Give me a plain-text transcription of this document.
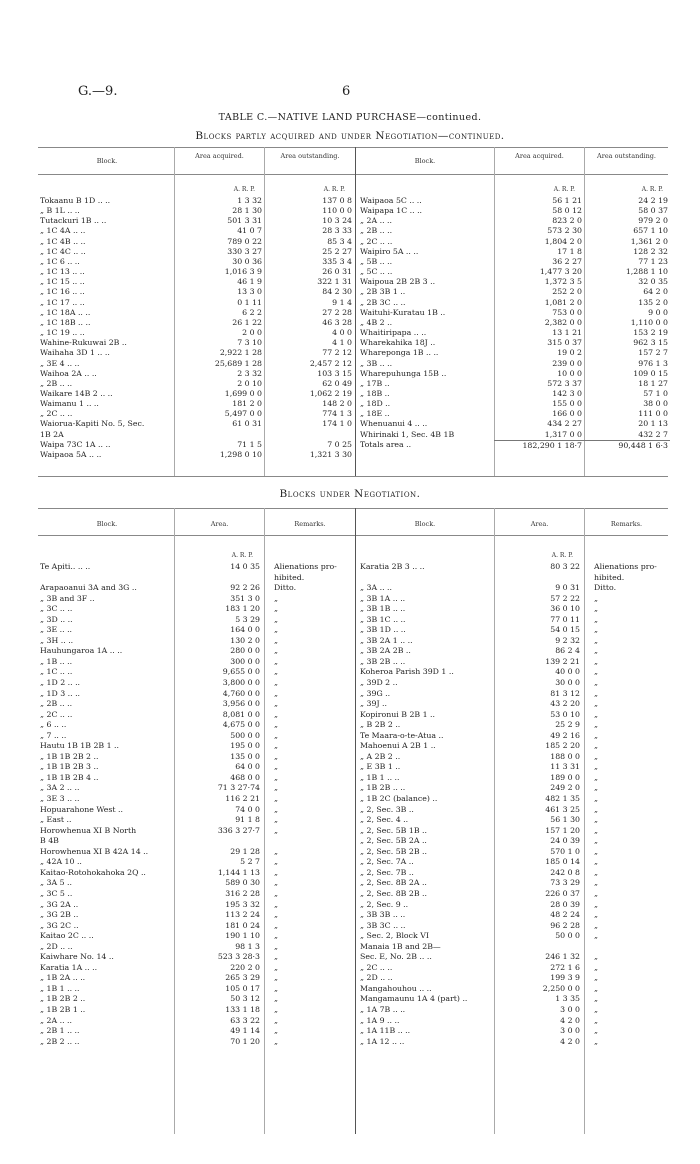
G.—9.	6
TABLE C.—NATIVE LAND PURCHASE—continued.
Blocks partly acquired and under Negotiation—continued.
Block.
Area acquired.	Area outstanding.
Block.
Area acquired.	Area outstanding.
A. R. P.	A. R. P.	A. R. P.	A. R. P.
Tokaanu B 1D .. ..	1 3 32	137 0 8
„ B 1L .. ..	28 1 30	110 0 0
Tutackuri 1B .. ..	501 3 31	10 3 24
„ 1C 4A .. ..	41 0 7	28 3 33
„ 1C 4B .. ..	789 0 22	85 3 4
„ 1C 4C .. ..	330 3 27	25 2 27
„ 1C 6 .. ..	30 0 36	335 3 4
„ 1C 13 .. ..	1,016 3 9	26 0 31
„ 1C 15 .. ..	46 1 9	322 1 31
„ 1C 16 .. ..	13 3 0	84 2 30
„ 1C 17 .. ..	0 1 11	9 1 4
„ 1C 18A .. ..	6 2 2	27 2 28
„ 1C 18B .. ..	26 1 22	46 3 28
„ 1C 19 .. ..	2 0 0	4 0 0
Wahine-Rukuwai 2B ..	7 3 10	4 1 0
Waihaha 3D 1 .. ..	2,922 1 28	77 2 12
„ 3E 4 .. ..	25,689 1 28	2,457 2 12
Waihoa 2A .. ..	2 3 32	103 3 15
„ 2B .. ..	2 0 10	62 0 49
Waikare 14B 2 .. ..	1,699 0 0	1,062 2 19
Waimanu 1 .. ..	181 2 0	148 2 0
„ 2C .. ..	5,497 0 0	774 1 3
Waiorua-Kapiti No. 5, Sec.	61 0 31	174 1 0
1B 2A		
Waipa 73C 1A .. ..	71 1 5	7 0 25
Waipaoa 5A .. ..	1,298 0 10	1,321 3 30
Waipaoa 5C .. ..	56 1 21	24 2 19
Waipapa 1C .. ..	58 0 12	58 0 37
„ 2A .. ..	823 2 0	979 2 0
„ 2B .. ..	573 2 30	657 1 10
„ 2C .. ..	1,804 2 0	1,361 2 0
Waipiro 5A .. ..	17 1 8	128 2 32
„ 5B .. ..	36 2 27	77 1 23
„ 5C .. ..	1,477 3 20	1,288 1 10
Waipoua 2B 2B 3 ..	1,372 3 5	32 0 35
„ 2B 3B 1 ..	252 2 0	64 2 0
„ 2B 3C .. ..	1,081 2 0	135 2 0
Waituhi-Kuratau 1B ..	753 0 0	9 0 0
„ 4B 2 ..	2,382 0 0	1,110 0 0
Whaitiripapa .. ..	13 1 21	153 2 19
Wharekahika 18J ..	315 0 37	962 3 15
Whareponga 1B .. ..	19 0 2	157 2 7
„ 3B .. ..	239 0 0	976 1 3
Wharepuhunga 15B ..	10 0 0	109 0 15
„ 17B ..	572 3 37	18 1 27
„ 18B ..	142 3 0	57 1 0
„ 18D ..	155 0 0	38 0 0
„ 18E ..	166 0 0	111 0 0
Whenuanui 4 .. ..	434 2 27	20 1 13
Whirinaki 1, Sec. 4B 1B	1,317 0 0	432 2 7

Totals area ..	182,290 1 18·7	90,448 1 6·3
Blocks under Negotiation.
Block.	Area.	Remarks.	Block.	Area.	Remarks.
A. R. P.	A. R. P.
Te Apiti.. .. ..	14 0 35	Alienations pro-
		hibited.
Arapaoanui 3A and 3G ..	92 2 26	Ditto.
„ 3B and 3F ..	351 3 0	„
„ 3C .. ..	183 1 20	„
„ 3D .. ..	5 3 29	„
„ 3E .. ..	164 0 0	„
„ 3H .. ..	130 2 0	„
Hauhungaroa 1A .. ..	280 0 0	„
„ 1B .. ..	300 0 0	„
„ 1C .. ..	9,655 0 0	„
„ 1D 2 .. ..	3,800 0 0	„
„ 1D 3 .. ..	4,760 0 0	„
„ 2B .. ..	3,956 0 0	„
„ 2C .. ..	8,081 0 0	„
„ 6 .. ..	4,675 0 0	„
„ 7 .. ..	500 0 0	„
Hautu 1B 1B 2B 1 ..	195 0 0	„
„ 1B 1B 2B 2 ..	135 0 0	„
„ 1B 1B 2B 3 ..	64 0 0	„
„ 1B 1B 2B 4 ..	468 0 0	„
„ 3A 2 .. ..	71 3 27·74	„
„ 3E 3 .. ..	116 2 21	„
Hopuarahone West ..	74 0 0	„
„ East ..	91 1 8	„
Horowhenua XI B North	336 3 27·7	„
B 4B		
Horowhenua XI B 42A 14 ..	29 1 28	„
„ 42A 10 ..	5 2 7	„
Kaitao-Rotohokahoka 2Q ..	1,144 1 13	„
„ 3A 5 ..	589 0 30	„
„ 3C 5 ..	316 2 28	„
„ 3G 2A ..	195 3 32	„
„ 3G 2B ..	113 2 24	„
„ 3G 2C ..	181 0 24	„
Kaitao 2C .. ..	190 1 10	„
„ 2D .. ..	98 1 3	„
Kaiwhare No. 14 ..	523 3 28·3	„
Karatia 1A .. ..	220 2 0	„
„ 1B 2A .. ..	265 3 29	„
„ 1B 1 .. ..	105 0 17	„
„ 1B 2B 2 ..	50 3 12	„
„ 1B 2B 1 ..	133 1 18	„
„ 2A .. ..	63 3 22	„
„ 2B 1 .. ..	49 1 14	„
„ 2B 2 .. ..	70 1 20	„
Karatia 2B 3 .. ..	80 3 22	Alienations pro-
		hibited.
„ 3A .. ..	9 0 31	Ditto.
„ 3B 1A .. ..	57 2 22	„
„ 3B 1B .. ..	36 0 10	„
„ 3B 1C .. ..	77 0 11	„
„ 3B 1D .. ..	54 0 15	„
„ 3B 2A 1 .. ..	9 2 32	„
„ 3B 2A 2B ..	86 2 4	„
„ 3B 2B .. ..	139 2 21	„
Koheroa Parish 39D 1 ..	40 0 0	„
„ 39D 2 ..	30 0 0	„
„ 39G ..	81 3 12	„
„ 39J ..	43 2 20	„
Kopironui B 2B 1 ..	53 0 10	„
„ B 2B 2 ..	25 2 9	„
Te Maara-o-te-Atua ..	49 2 16	„
Mahoenui A 2B 1 ..	185 2 20	„
„ A 2B 2 ..	188 0 0	„
„ E 3B 1 ..	11 3 31	„
„ 1B 1 .. ..	189 0 0	„
„ 1B 2B .. ..	249 2 0	„
„ 1B 2C (balance) ..	482 1 35	„
„ 2, Sec. 3B ..	461 3 25	„
„ 2, Sec. 4 ..	56 1 30	„
„ 2, Sec. 5B 1B ..	157 1 20	„
„ 2, Sec. 5B 2A ..	24 0 39	„
„ 2, Sec. 5B 2B ..	570 1 0	„
„ 2, Sec. 7A ..	185 0 14	„
„ 2, Sec. 7B ..	242 0 8	„
„ 2, Sec. 8B 2A ..	73 3 29	„
„ 2, Sec. 8B 2B ..	226 0 37	„
„ 2, Sec. 9 ..	28 0 39	„
„ 3B 3B .. ..	48 2 24	„
„ 3B 3C .. ..	96 2 28	„
„ Sec. 2, Block VI	50 0 0	„
Manaia 1B and 2B—		
Sec. E, No. 2B .. ..	246 1 32	„
„ 2C .. ..	272 1 6	„
„ 2D .. ..	199 3 9	„
Mangahouhou .. ..	2,250 0 0	„
Mangamaunu 1A 4 (part) ..	1 3 35	„
„ 1A 7B .. ..	3 0 0	„
„ 1A 9 .. ..	4 2 0	„
„ 1A 11B .. ..	3 0 0	„
„ 1A 12 .. ..	4 2 0	„
